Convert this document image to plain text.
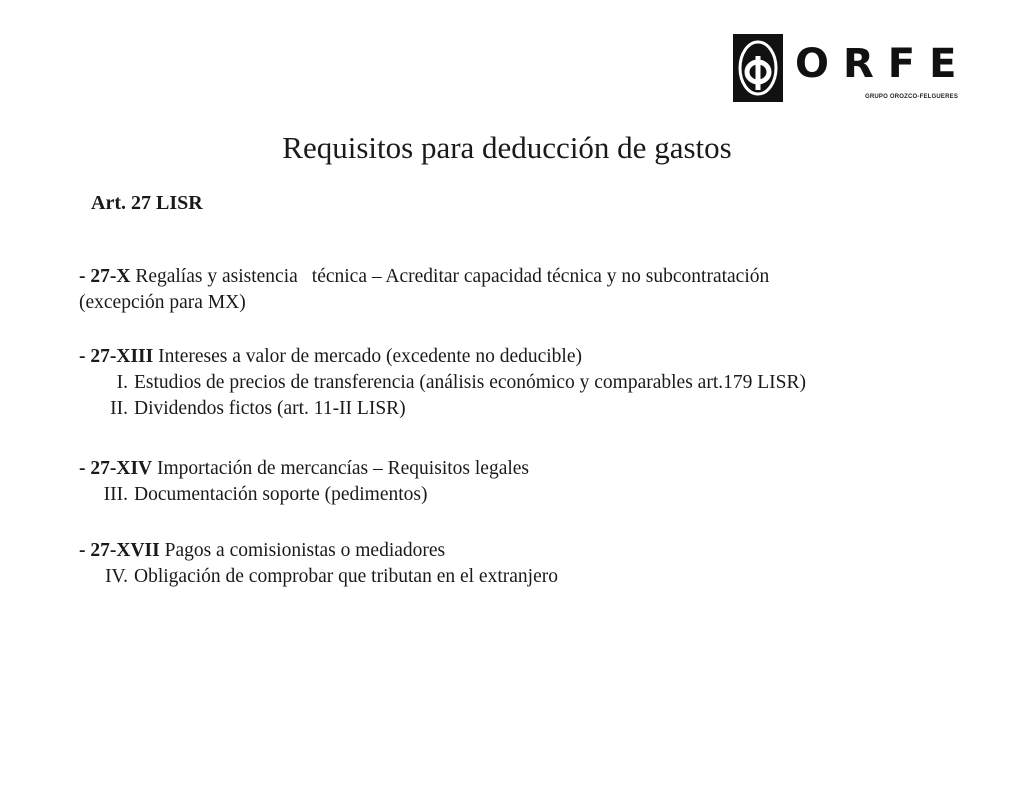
ORFE
GRUPO OROZCO-FELGUERES
Requisitos para deducción de gastos
Art. 27 LISR
- 27-X Regalías y asistencia técnica – Acreditar capacidad técnica y no subcontratación
(excepción para MX)
- 27-XIII Intereses a valor de mercado (excedente no deducible)
I. Estudios de precios de transferencia (análisis económico y comparables art.179 LISR)
II. Dividendos fictos (art. 11-II LISR)
- 27-XIV Importación de mercancías – Requisitos legales
III. Documentación soporte (pedimentos)
- 27-XVII Pagos a comisionistas o mediadores
IV. Obligación de comprobar que tributan en el extranjero
